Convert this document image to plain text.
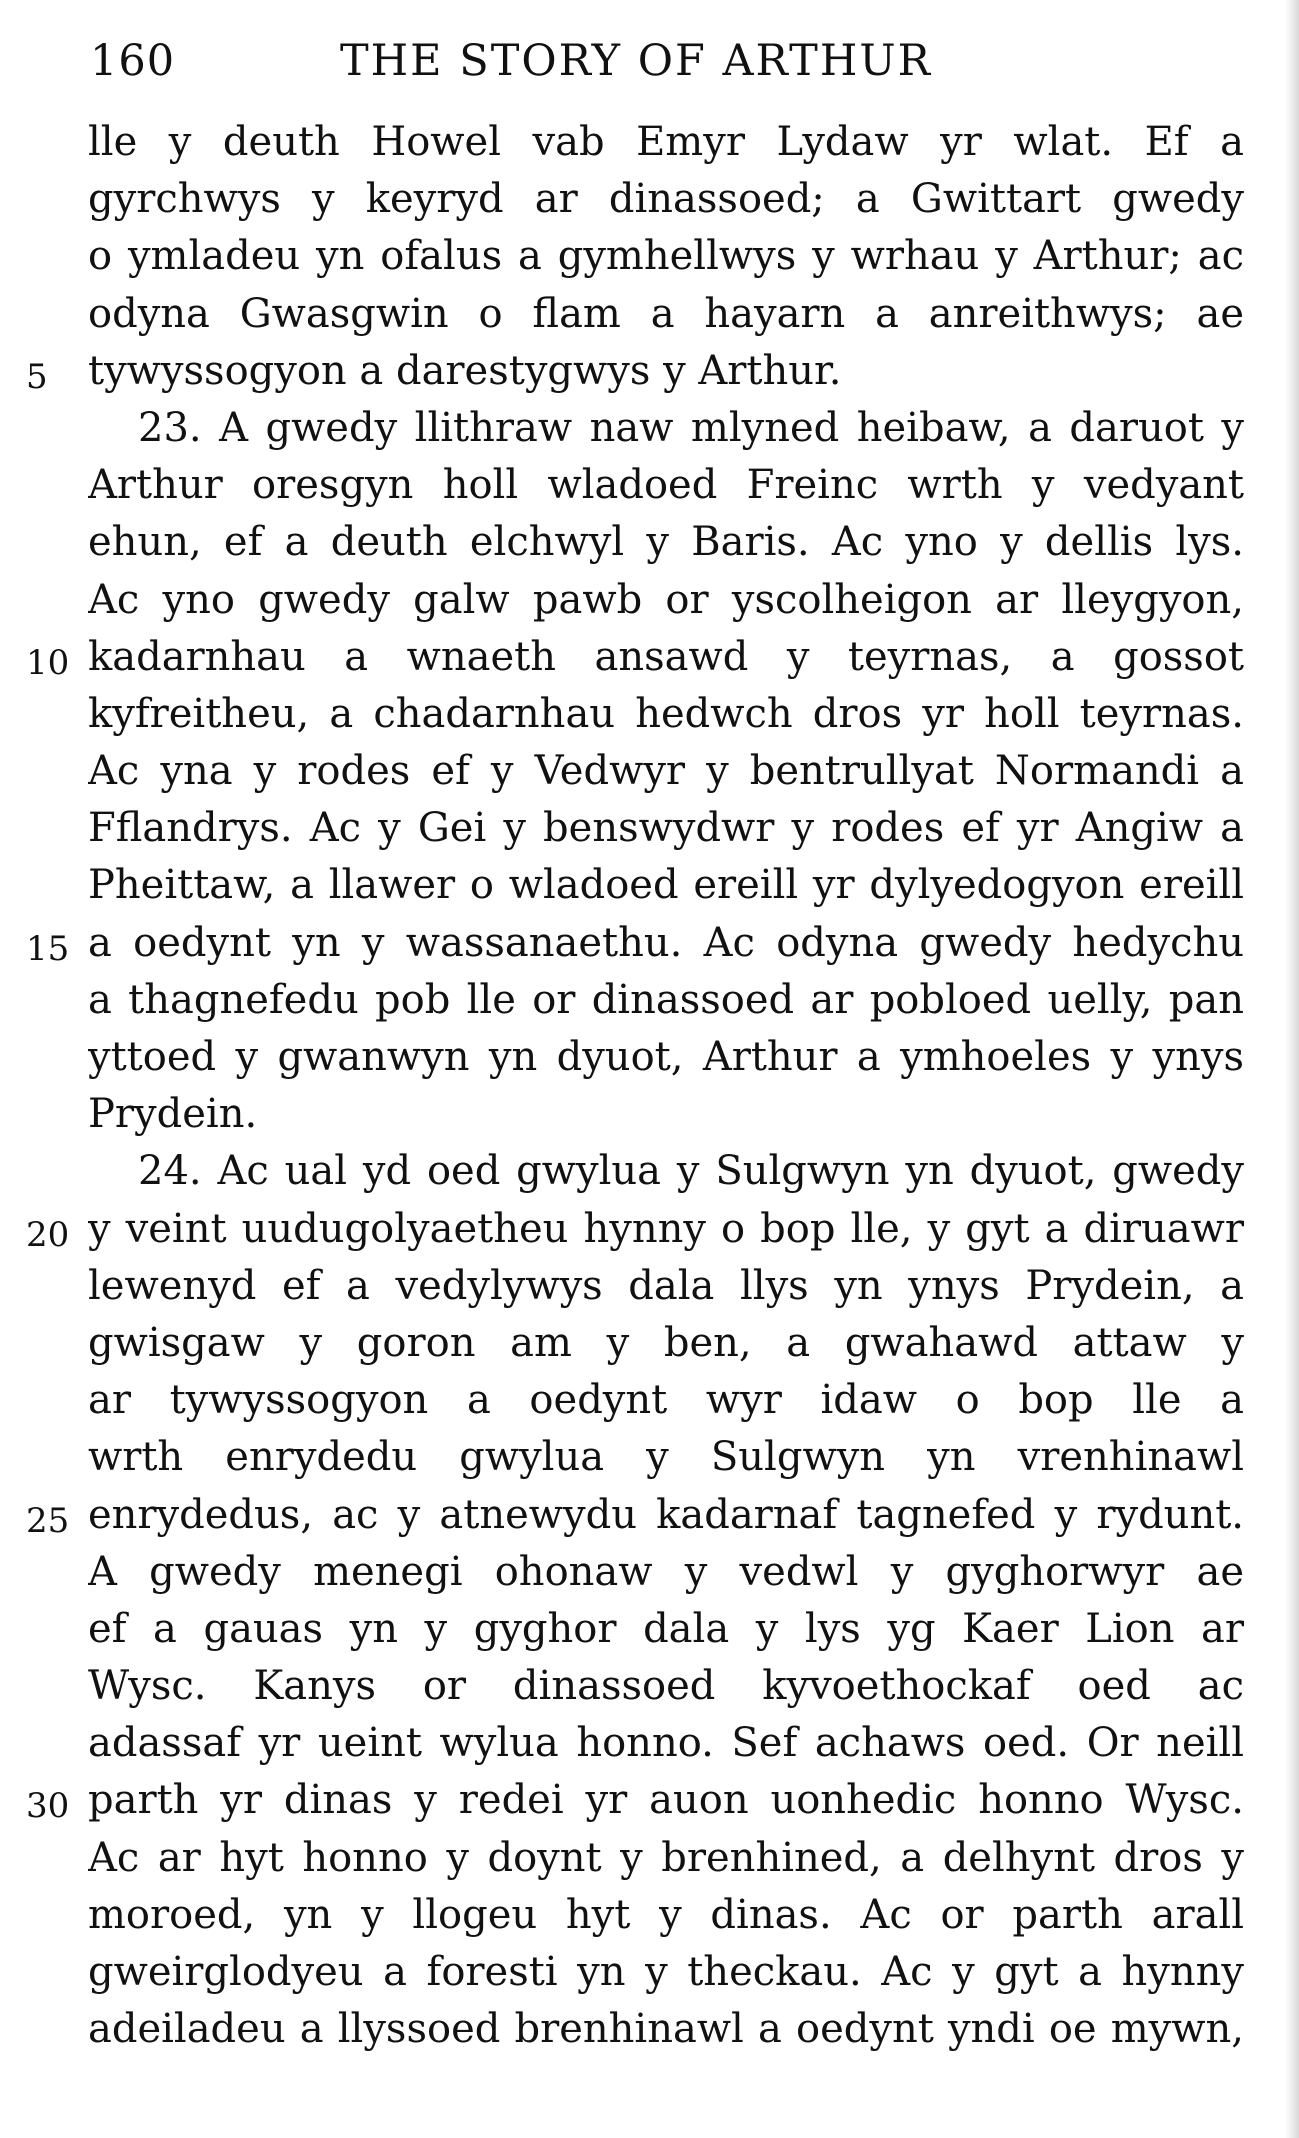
160	THE STORY OF ARTHUR
lle y deuth Howel vab Emyr Lydaw yr wlat. Ef a
gyrchwys y keyryd ar dinassoed; a Gwittart gwedy
o ymladeu yn ofalus a gymhellwys y wrhau y Arthur; ac
odyna Gwasgwin o flam a hayarn a anreithwys; ae
5	tywyssogyon a darestygwys y Arthur.
23. A gwedy llithraw naw mlyned heibaw, a daruot y
Arthur oresgyn holl wladoed Freinc wrth y vedyant
ehun, ef a deuth elchwyl y Baris. Ac yno y dellis lys.
Ac yno gwedy galw pawb or yscolheigon ar lleygyon,
10 kadarnhau a wnaeth ansawd y teyrnas, a gossot
kyfreitheu, a chadarnhau hedwch dros yr holl teyrnas.
Ac yna y rodes ef y Vedwyr y bentrullyat Normandi a
Fflandrys. Ac y Gei y benswydwr y rodes ef yr Angiw a
Pheittaw, a llawer o wladoed ereill yr dylyedogyon ereill
15 a oedynt yn y wassanaethu. Ac odyna gwedy hedychu
a thagnefedu pob lle or dinassoed ar pobloed uelly, pan
yttoed y gwanwyn yn dyuot, Arthur a ymhoeles y ynys
Prydein.
24. Ac ual yd oed gwylua y Sulgwyn yn dyuot, gwedy
20 y veint uudugolyaetheu hynny o bop lle, y gyt a diruawr
lewenyd ef a vedylywys dala llys yn ynys Prydein, a
gwisgaw y goron am y ben, a gwahawd attaw y
ar tywyssogyon a oedynt wyr idaw o bop lle a
wrth enrydedu gwylua y Sulgwyn yn vrenhinawl
25 enrydedus, ac y atnewydu kadarnaf tagnefed y rydunt.
A gwedy menegi ohonaw y vedwl y gyghorwyr ae
ef a gauas yn y gyghor dala y lys yg Kaer Lion ar
Wysc. Kanys or dinassoed kyvoethockaf oed ac
adassaf yr ueint wylua honno. Sef achaws oed. Or neill
30 parth yr dinas y redei yr auon uonhedic honno Wysc.
Ac ar hyt honno y doynt y brenhined, a delhynt dros y
moroed, yn y llogeu hyt y dinas. Ac or parth arall
gweirglodyeu a foresti yn y theckau. Ac y gyt a hynny
adeiladeu a llyssoed brenhinawl a oedynt yndi oe mywn,
